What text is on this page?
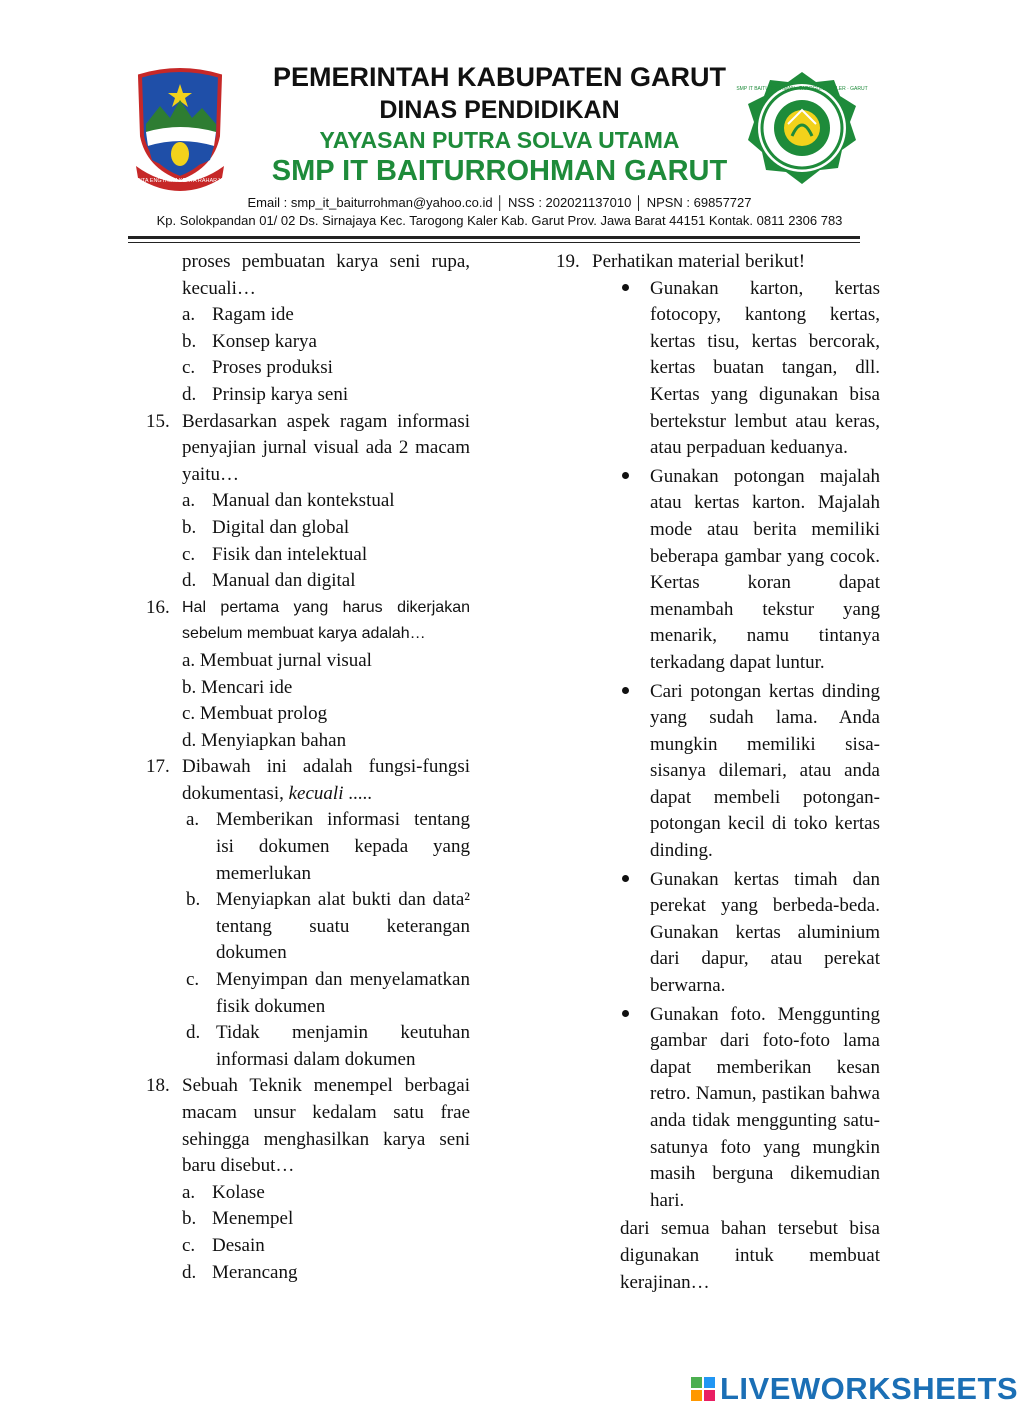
DITA ENGTREM KERTA RAHARJA
SMP IT BAITURROHMAN · TAROGONG KALER · GARUT
PEMERINTAH KABUPATEN GARUT
DINAS PENDIDIKAN
YAYASAN PUTRA SOLVA UTAMA
SMP IT BAITURROHMAN GARUT
Email : smp_it_baiturrohman@yahoo.co.id │ NSS : 202021137010 │ NPSN : 69857727
Kp. Solokpandan 01/ 02 Ds. Sirnajaya Kec. Tarogong Kaler Kab. Garut Prov. Jawa Barat 44151 Kontak. 0811 2306 783
proses pembuatan karya seni rupa, kecuali…
a. Ragam ide
b. Konsep karya
c. Proses produksi
d. Prinsip karya seni
15. Berdasarkan aspek ragam informasi penyajian jurnal visual ada 2 macam yaitu…
a. Manual dan kontekstual
b. Digital dan global
c. Fisik dan intelektual
d. Manual dan digital
16. Hal pertama yang harus dikerjakan sebelum membuat karya adalah…
a. Membuat jurnal visual
b. Mencari ide
c. Membuat prolog
d. Menyiapkan bahan
17. Dibawah ini adalah fungsi-fungsi dokumentasi, kecuali .....
a. Memberikan informasi tentang isi dokumen kepada yang memerlukan
b. Menyiapkan alat bukti dan data² tentang suatu keterangan dokumen
c. Menyimpan dan menyelamatkan fisik dokumen
d. Tidak menjamin keutuhan informasi dalam dokumen
18. Sebuah Teknik menempel berbagai macam unsur kedalam satu frae sehingga menghasilkan karya seni baru disebut…
a. Kolase
b. Menempel
c. Desain
d. Merancang
19. Perhatikan material berikut!
Gunakan karton, kertas fotocopy, kantong kertas, kertas tisu, kertas bercorak, kertas buatan tangan, dll. Kertas yang digunakan bisa bertekstur lembut atau keras, atau perpaduan keduanya.
Gunakan potongan majalah atau kertas karton. Majalah mode atau berita memiliki beberapa gambar yang cocok. Kertas koran dapat menambah tekstur yang menarik, namu tintanya terkadang dapat luntur.
Cari potongan kertas dinding yang sudah lama. Anda mungkin memiliki sisa-sisanya dilemari, atau anda dapat membeli potongan-potongan kecil di toko kertas dinding.
Gunakan kertas timah dan perekat yang berbeda-beda. Gunakan kertas aluminium dari dapur, atau perekat berwarna.
Gunakan foto. Menggunting gambar dari foto-foto lama dapat memberikan kesan retro. Namun, pastikan bahwa anda tidak menggunting satu-satunya foto yang mungkin masih berguna dikemudian hari.
dari semua bahan tersebut bisa digunakan intuk membuat kerajinan…
LIVEWORKSHEETS
